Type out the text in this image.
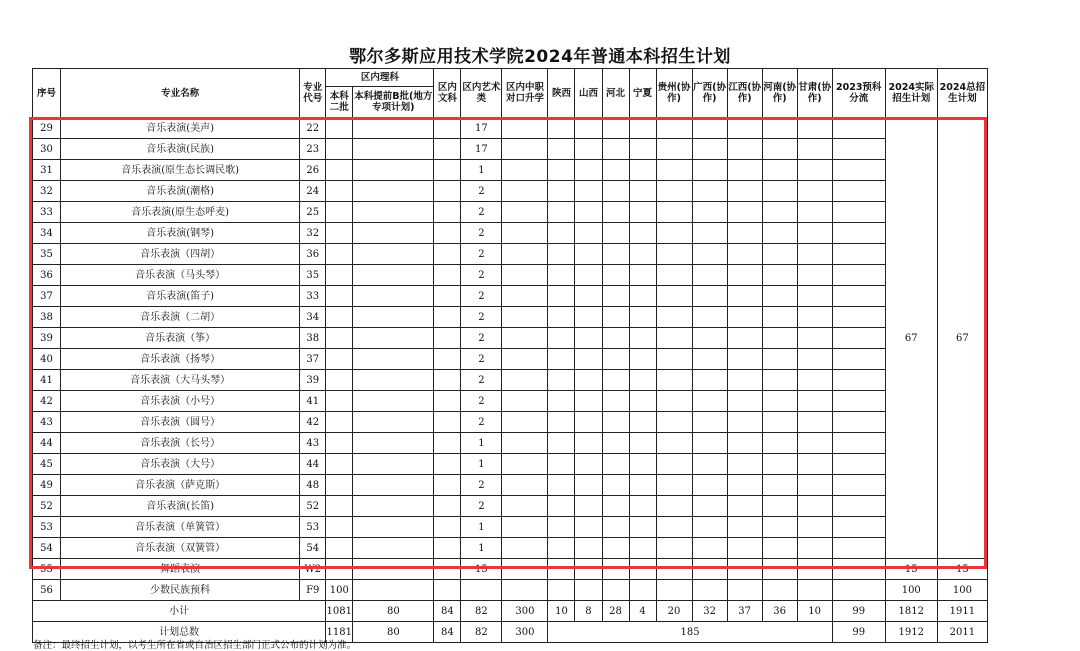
鄂尔多斯应用技术学院2024年普通本科招生计划
序号	专业名称	专业代号	区内理科		区内文科	区内艺术类	区内中职对口升学	陕西	山西	河北	宁夏	贵州(协作)	广西(协作)	江西(协作)	河南(协作)	甘肃(协作)	2023预科分流	2024实际招生计划	2024总招生计划
			本科二批	本科提前B批(地方专项计划)															
29	音乐表演(美声)	22				17												67	67
30	音乐表演(民族)	23				17													
31	音乐表演(原生态长调民歌)	26				1													
32	音乐表演(潮格)	24				2													
33	音乐表演(原生态呼麦)	25				2													
34	音乐表演(钢琴)	32				2													
35	音乐表演（四胡）	36				2													
36	音乐表演（马头琴）	35				2													
37	音乐表演(笛子)	33				2													
38	音乐表演（二胡）	34				2													
39	音乐表演（筝）	38				2													
40	音乐表演（扬琴）	37				2													
41	音乐表演（大马头琴）	39				2													
42	音乐表演（小号）	41				2													
43	音乐表演（圆号）	42				2													
44	音乐表演（长号）	43				1													
45	音乐表演（大号）	44				1													
49	音乐表演（萨克斯）	48				2													
52	音乐表演(长笛)	52				2													
53	音乐表演（单簧管）	53				1													
54	音乐表演（双簧管）	54				1													
55	舞蹈表演	W2				15												15	15
56	少数民族预科	F9	100															100	100
小计			1081	80	84	82	300	10	8	28	4	20	32	37	36	10	99	1812	1911
计划总数			1181	80	84	82	300	185									99	1912	2011
备注：最终招生计划，以考生所在省或自治区招生部门正式公布的计划为准。
